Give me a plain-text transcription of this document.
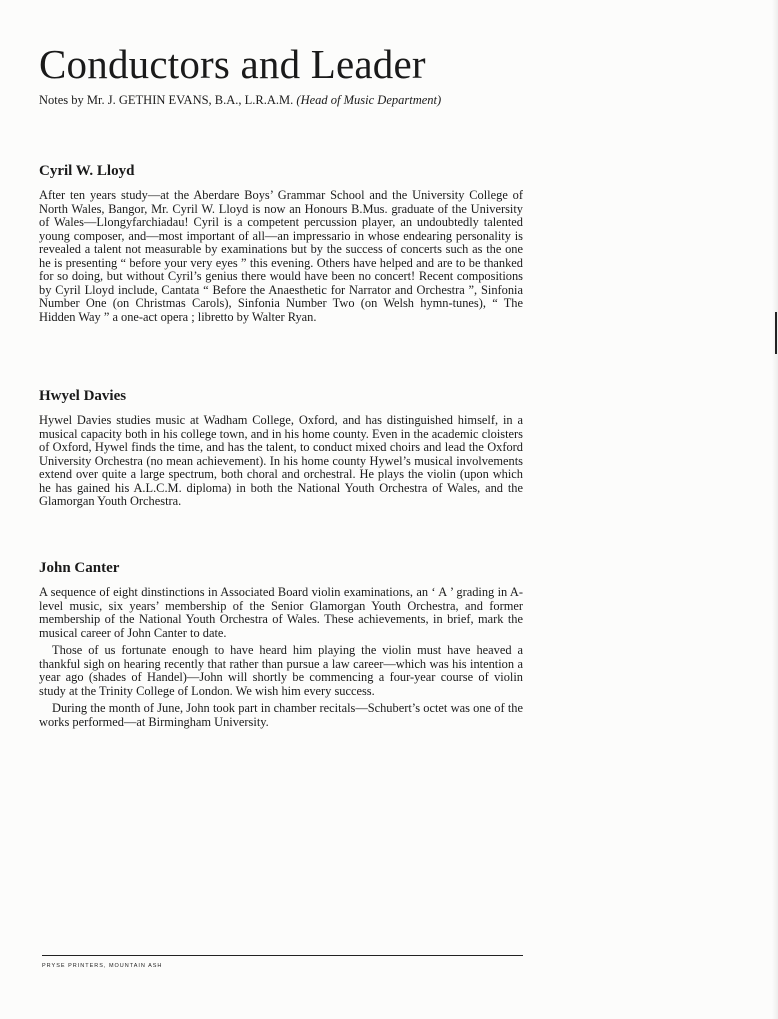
Conductors and Leader

Notes by Mr. J. GETHIN EVANS, B.A., L.R.A.M. (Head of Music Department)

Cyril W. Lloyd

After ten years study—at the Aberdare Boys’ Grammar School and the University College of North Wales, Bangor, Mr. Cyril W. Lloyd is now an Honours B.Mus. graduate of the University of Wales—Llongyfarchiadau! Cyril is a competent percussion player, an undoubtedly talented young composer, and—most important of all—an impressario in whose endearing personality is revealed a talent not measurable by examinations but by the success of concerts such as the one he is presenting “ before your very eyes ” this evening. Others have helped and are to be thanked for so doing, but without Cyril’s genius there would have been no concert! Recent compositions by Cyril Lloyd include, Cantata “ Before the Anaesthetic for Narrator and Orchestra ”, Sinfonia Number One (on Christmas Carols), Sinfonia Number Two (on Welsh hymn-tunes), “ The Hidden Way ” a one-act opera ; libretto by Walter Ryan.

Hwyel Davies

Hywel Davies studies music at Wadham College, Oxford, and has distinguished himself, in a musical capacity both in his college town, and in his home county. Even in the academic cloisters of Oxford, Hywel finds the time, and has the talent, to conduct mixed choirs and lead the Oxford University Orchestra (no mean achievement). In his home county Hywel’s musical involvements extend over quite a large spectrum, both choral and orchestral. He plays the violin (upon which he has gained his A.L.C.M. diploma) in both the National Youth Orchestra of Wales, and the Glamorgan Youth Orchestra.

John Canter

A sequence of eight dinstinctions in Associated Board violin examinations, an ‘ A ’ grading in A-level music, six years’ membership of the Senior Glamorgan Youth Orchestra, and former membership of the National Youth Orchestra of Wales. These achievements, in brief, mark the musical career of John Canter to date.

Those of us fortunate enough to have heard him playing the violin must have heaved a thankful sigh on hearing recently that rather than pursue a law career—which was his intention a year ago (shades of Handel)—John will shortly be commencing a four-year course of violin study at the Trinity College of London. We wish him every success.

During the month of June, John took part in chamber recitals—Schubert’s octet was one of the works performed—at Birmingham University.

PRYSE PRINTERS, MOUNTAIN ASH
